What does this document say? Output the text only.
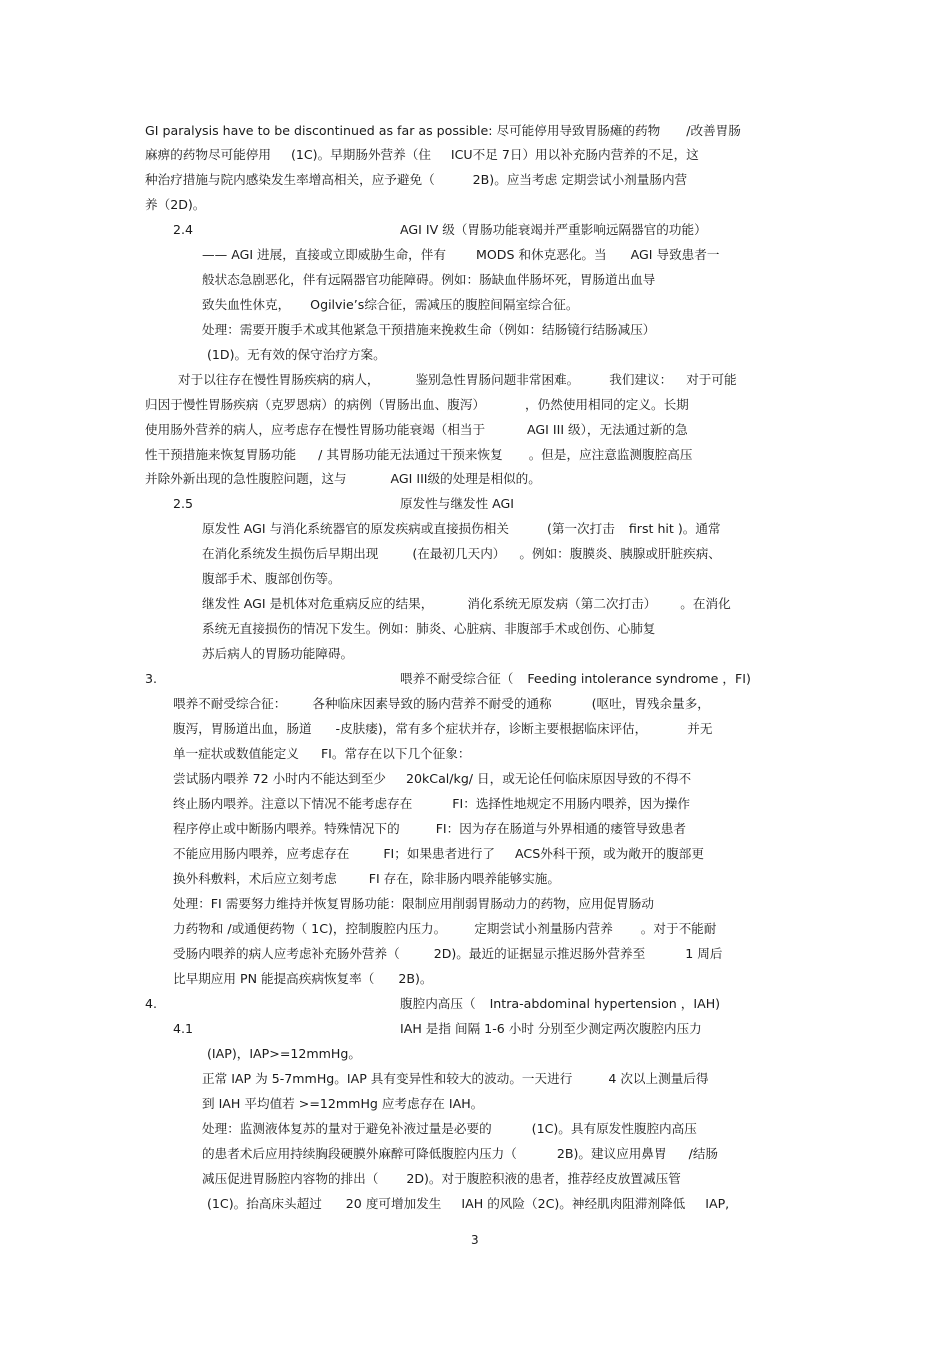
GI paralysis have to be discontinued as far as possible: 尽可能停用导致胃肠瘫的药物 /改善胃肠
麻痹的药物尽可能停用 (1C)。早期肠外营养（住 ICU不足 7日）用以补充肠内营养的不足，这
种治疗措施与院内感染发生率增高相关，应予避免（	2B)。应当考虑 定期尝试小剂量肠内营
养（2D)。
2.4	AGI IV 级（胃肠功能衰竭并严重影响远隔器官的功能）
—— AGI 进展，直接或立即威胁生命，伴有 MODS 和休克恶化。当 AGI 导致患者一
般状态急剧恶化，伴有远隔器官功能障碍。例如：肠缺血伴肠坏死，胃肠道出血导
致失血性休克， Ogilvie’s综合征，需减压的腹腔间隔室综合征。
处理：需要开腹手术或其他紧急干预措施来挽救生命（例如：结肠镜行结肠减压）
(1D)。无有效的保守治疗方案。
对于以往存在慢性胃肠疾病的病人，	鉴别急性胃肠问题非常困难。 我们建议： 对于可能
归因于慢性胃肠疾病（克罗恩病）的病例（胃肠出血、腹泻）	，仍然使用相同的定义。长期
使用肠外营养的病人，应考虑存在慢性胃肠功能衰竭（相当于	AGI III 级），无法通过新的急
性干预措施来恢复胃肠功能 / 其胃肠功能无法通过干预来恢复 。但是，应注意监测腹腔高压
并除外新出现的急性腹腔问题，这与	AGI III级的处理是相似的。
2.5	原发性与继发性 AGI
原发性 AGI 与消化系统器官的原发疾病或直接损伤相关	(第一次打击 first hit )。通常
在消化系统发生损伤后早期出现	(在最初几天内） 。例如：腹膜炎、胰腺或肝脏疾病、
腹部手术、腹部创伤等。
继发性 AGI 是机体对危重病反应的结果，	消化系统无原发病（第二次打击） 。在消化
系统无直接损伤的情况下发生。例如：肺炎、心脏病、非腹部手术或创伤、心肺复
苏后病人的胃肠功能障碍。
3.	喂养不耐受综合征（ Feeding intolerance syndrome ，FI)
喂养不耐受综合征： 各种临床因素导致的肠内营养不耐受的通称	(呕吐，胃残余量多，
腹泻，胃肠道出血，肠道 -皮肤瘘)，常有多个症状并存，诊断主要根据临床评估，	并无
单一症状或数值能定义 FI。常存在以下几个征象：
尝试肠内喂养 72 小时内不能达到至少 20kCal/kg/ 日，或无论任何临床原因导致的不得不
终止肠内喂养。注意以下情况不能考虑存在	FI：选择性地规定不用肠内喂养，因为操作
程序停止或中断肠内喂养。特殊情况下的	FI：因为存在肠道与外界相通的瘘管导致患者
不能应用肠内喂养，应考虑存在	FI；如果患者进行了 ACS外科干预，或为敞开的腹部更
换外科敷料，术后应立刻考虑	FI 存在，除非肠内喂养能够实施。
处理：FI 需要努力维持并恢复胃肠功能：限制应用削弱胃肠动力的药物，应用促胃肠动
力药物和 /或通便药物（ 1C)，控制腹腔内压力。 定期尝试小剂量肠内营养 。对于不能耐
受肠内喂养的病人应考虑补充肠外营养（	2D)。最近的证据显示推迟肠外营养至	1 周后
比早期应用 PN 能提高疾病恢复率（ 2B)。
4.	腹腔内高压（ Intra-abdominal hypertension ，IAH)
4.1	IAH 是指 间隔 1-6 小时 分别至少测定两次腹腔内压力
(IAP)，IAP>=12mmHg。
正常 IAP 为 5-7mmHg。IAP 具有变异性和较大的波动。一天进行	4 次以上测量后得
到 IAH 平均值若 >=12mmHg 应考虑存在 IAH。
处理：监测液体复苏的量对于避免补液过量是必要的	(1C)。具有原发性腹腔内高压
的患者术后应用持续胸段硬膜外麻醉可降低腹腔内压力（	2B)。建议应用鼻胃 /结肠
减压促进胃肠腔内容物的排出（ 2D)。对于腹腔积液的患者，推荐经皮放置减压管
(1C)。抬高床头超过 20 度可增加发生 IAH 的风险（2C)。神经肌肉阻滞剂降低 IAP,
3
